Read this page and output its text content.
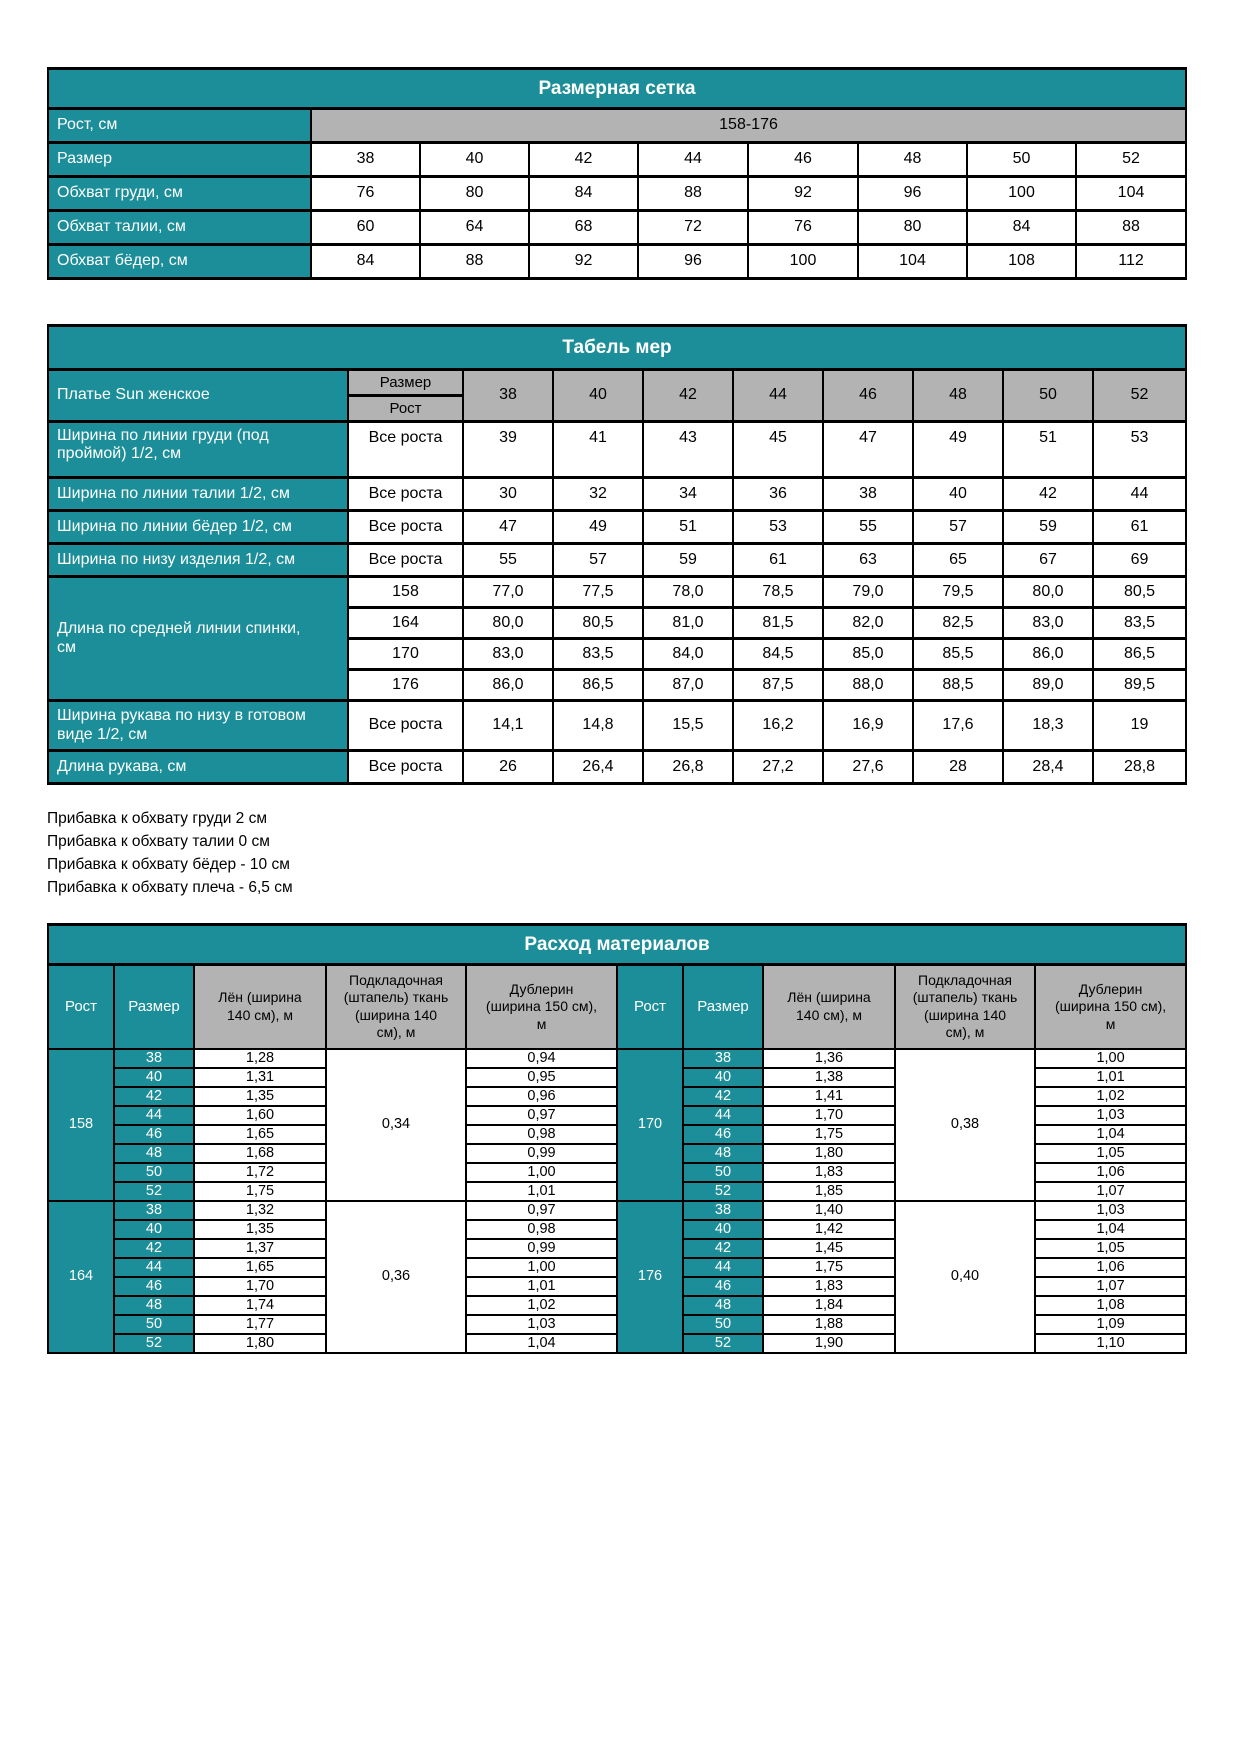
Размерная сетка								
Рост, см	158-176							
Размер	38	40	42	44	46	48	50	52
Обхват груди, см	76	80	84	88	92	96	100	104
Обхват талии, см	60	64	68	72	76	80	84	88
Обхват бёдер, см	84	88	92	96	100	104	108	112
Табель мер									
Платье Sun женское	Размер	38	40	42	44	46	48	50	52
	Рост								
Ширина по линии груди (под проймой) 1/2, см	Все роста	39	41	43	45	47	49	51	53
Ширина по линии талии 1/2, см	Все роста	30	32	34	36	38	40	42	44
Ширина по линии бёдер 1/2, см	Все роста	47	49	51	53	55	57	59	61
Ширина по низу изделия 1/2, см	Все роста	55	57	59	61	63	65	67	69
Длина по средней линии спинки, см	158	77,0	77,5	78,0	78,5	79,0	79,5	80,0	80,5
	164	80,0	80,5	81,0	81,5	82,0	82,5	83,0	83,5
	170	83,0	83,5	84,0	84,5	85,0	85,5	86,0	86,5
	176	86,0	86,5	87,0	87,5	88,0	88,5	89,0	89,5
Ширина рукава по низу в готовом виде 1/2, см	Все роста	14,1	14,8	15,5	16,2	16,9	17,6	18,3	19
Длина рукава, см	Все роста	26	26,4	26,8	27,2	27,6	28	28,4	28,8
Прибавка к обхвату груди 2 см
Прибавка к обхвату талии 0 см
Прибавка к обхвату бёдер - 10 см
Прибавка к обхвату плеча - 6,5 см
Расход материалов									
Рост	Размер	Лён (ширина 140 см), м	Подкладочная (штапель) ткань (ширина 140 см), м	Дублерин (ширина 150 см), м	Рост	Размер	Лён (ширина 140 см), м	Подкладочная (штапель) ткань (ширина 140 см), м	Дублерин (ширина 150 см), м
158	38	1,28	0,34	0,94	170	38	1,36	0,38	1,00
	40	1,31		0,95		40	1,38		1,01
	42	1,35		0,96		42	1,41		1,02
	44	1,60		0,97		44	1,70		1,03
	46	1,65		0,98		46	1,75		1,04
	48	1,68		0,99		48	1,80		1,05
	50	1,72		1,00		50	1,83		1,06
	52	1,75		1,01		52	1,85		1,07
164	38	1,32	0,36	0,97	176	38	1,40	0,40	1,03
	40	1,35		0,98		40	1,42		1,04
	42	1,37		0,99		42	1,45		1,05
	44	1,65		1,00		44	1,75		1,06
	46	1,70		1,01		46	1,83		1,07
	48	1,74		1,02		48	1,84		1,08
	50	1,77		1,03		50	1,88		1,09
	52	1,80		1,04		52	1,90		1,10
